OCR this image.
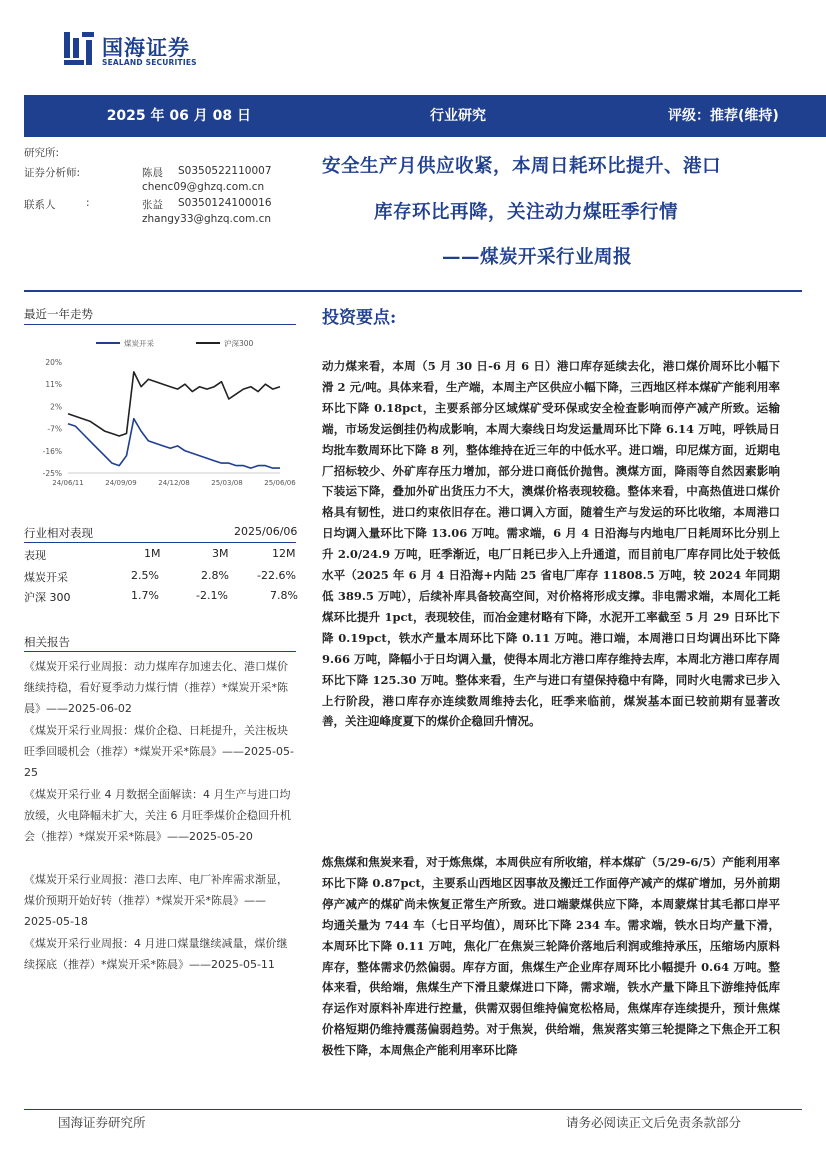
国海证券
SEALAND SECURITIES
2025 年 06 月 08 日	行业研究	评级：推荐(维持)
研究所:
证券分析师:	陈晨 S0350522110007
chenc09@ghzq.com.cn
联系人	:	张益 S0350124100016
zhangy33@ghzq.com.cn
安全生产月供应收紧，本周日耗环比提升、港口
库存环比再降，关注动力煤旺季行情
——煤炭开采行业周报
最近一年走势
煤炭开采	沪深300
20%
11%
2%
-7%
-16%
-25%
24/06/11	24/09/09	24/12/08	25/03/08	25/06/06
行业相对表现	2025/06/06
表现	1M	3M	12M
煤炭开采	2.5%	2.8%	-22.6%
沪深 300	1.7%	-2.1%	7.8%
相关报告
《煤炭开采行业周报：动力煤库存加速去化、港口煤价继续持稳，看好夏季动力煤行情（推荐）*煤炭开采*陈晨》——2025-06-02
《煤炭开采行业周报：煤价企稳、日耗提升，关注板块旺季回暖机会（推荐）*煤炭开采*陈晨》——2025-05-25
《煤炭开采行业 4 月数据全面解读：4 月生产与进口均放缓，火电降幅未扩大，关注 6 月旺季煤价企稳回升机会（推荐）*煤炭开采*陈晨》——2025-05-20
《煤炭开采行业周报：港口去库、电厂补库需求渐显，煤价预期开始好转（推荐）*煤炭开采*陈晨》——2025-05-18
《煤炭开采行业周报：4 月进口煤量继续减量，煤价继续探底（推荐）*煤炭开采*陈晨》——2025-05-11
投资要点:
动力煤来看，本周（5 月 30 日-6 月 6 日）港口库存延续去化，港口煤价周环比小幅下滑 2 元/吨。具体来看，生产端，本周主产区供应小幅下降，三西地区样本煤矿产能利用率环比下降 0.18pct，主要系部分区域煤矿受环保或安全检查影响而停产减产所致。运输端，市场发运倒挂仍构成影响，本周大秦线日均发运量周环比下降 6.14 万吨，呼铁局日均批车数周环比下降 8 列，整体维持在近三年的中低水平。进口端，印尼煤方面，近期电厂招标较少、外矿库存压力增加，部分进口商低价抛售。澳煤方面，降雨等自然因素影响下装运下降，叠加外矿出货压力不大，澳煤价格表现较稳。整体来看，中高热值进口煤价格具有韧性，进口约束依旧存在。港口调入方面，随着生产与发运的环比收缩，本周港口日均调入量环比下降 13.06 万吨。需求端，6 月 4 日沿海与内地电厂日耗周环比分别上升 2.0/24.9 万吨，旺季渐近，电厂日耗已步入上升通道，而目前电厂库存同比处于较低水平（2025 年 6 月 4 日沿海+内陆 25 省电厂库存 11808.5 万吨，较 2024 年同期低 389.5 万吨），后续补库具备较高空间，对价格将形成支撑。非电需求端，本周化工耗煤环比提升 1pct，表现较佳，而冶金建材略有下降，水泥开工率截至 5 月 29 日环比下降 0.19pct，铁水产量本周环比下降 0.11 万吨。港口端，本周港口日均调出环比下降 9.66 万吨，降幅小于日均调入量，使得本周北方港口库存维持去库，本周北方港口库存周环比下降 125.30 万吨。整体来看，生产与进口有望保持稳中有降，同时火电需求已步入上行阶段，港口库存亦连续数周维持去化，旺季来临前，煤炭基本面已较前期有显著改善，关注迎峰度夏下的煤价企稳回升情况。
炼焦煤和焦炭来看，对于炼焦煤，本周供应有所收缩，样本煤矿（5/29-6/5）产能利用率环比下降 0.87pct，主要系山西地区因事故及搬迁工作面停产减产的煤矿增加，另外前期停产减产的煤矿尚未恢复正常生产所致。进口端蒙煤供应下降，本周蒙煤甘其毛都口岸平均通关量为 744 车（七日平均值），周环比下降 234 车。需求端，铁水日均产量下滑，本周环比下降 0.11 万吨，焦化厂在焦炭三轮降价落地后利润或维持承压，压缩场内原料库存，整体需求仍然偏弱。库存方面，焦煤生产企业库存周环比小幅提升 0.64 万吨。整体来看，供给端，焦煤生产下滑且蒙煤进口下降，需求端，铁水产量下降且下游维持低库存运作对原料补库进行控量，供需双弱但维持偏宽松格局，焦煤库存连续提升，预计焦煤价格短期仍维持震荡偏弱趋势。对于焦炭，供给端，焦炭落实第三轮提降之下焦企开工积极性下降，本周焦企产能利用率环比降
国海证券研究所	请务必阅读正文后免责条款部分
